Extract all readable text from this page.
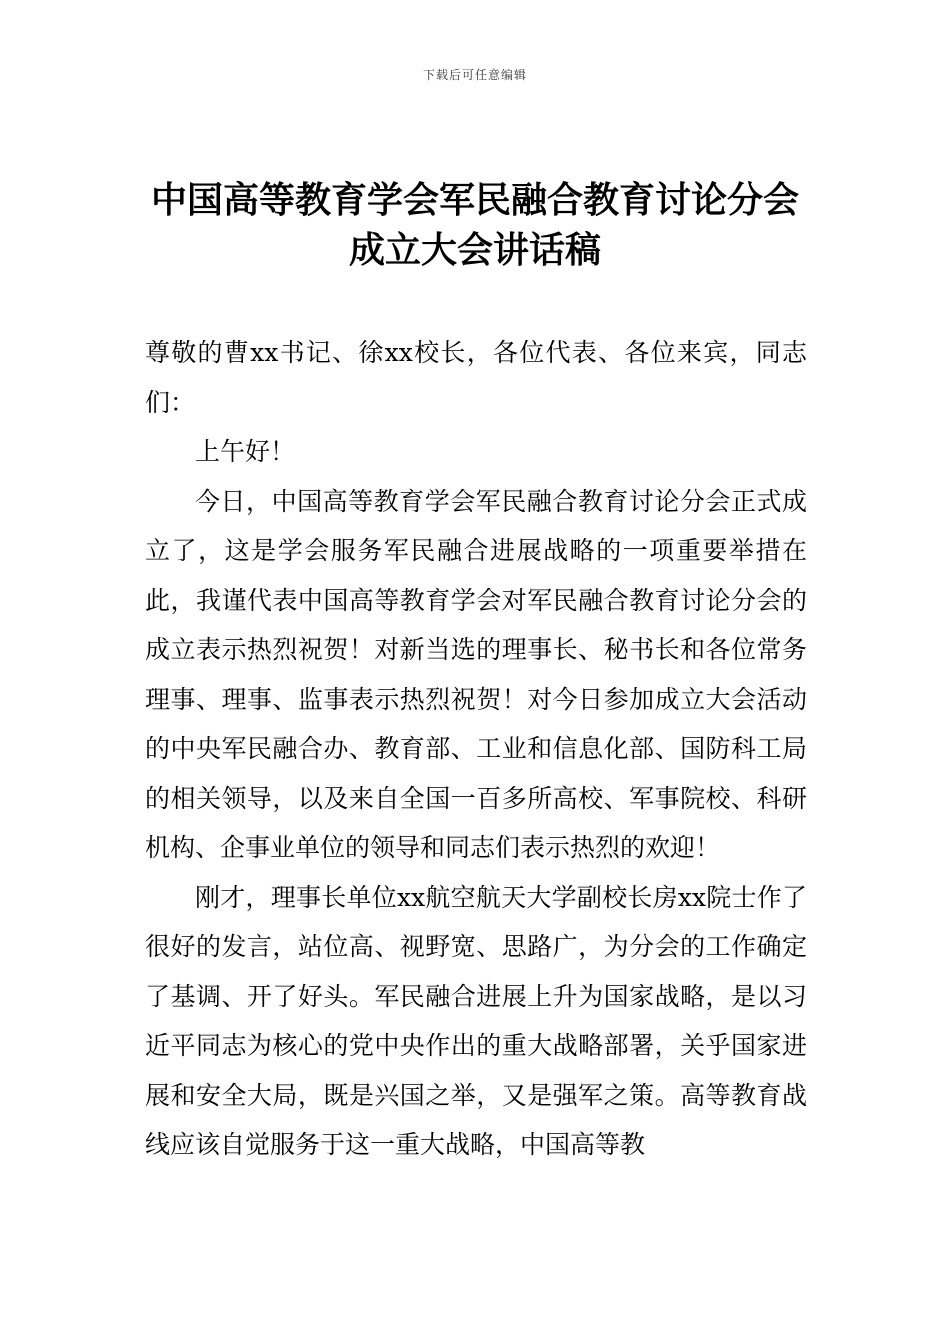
下载后可任意编辑
中国高等教育学会军民融合教育讨论分会
成立大会讲话稿

尊敬的曹xx书记、徐xx校长，各位代表、各位来宾，同志们：

上午好！

今日，中国高等教育学会军民融合教育讨论分会正式成立了，这是学会服务军民融合进展战略的一项重要举措在此，我谨代表中国高等教育学会对军民融合教育讨论分会的成立表示热烈祝贺！对新当选的理事长、秘书长和各位常务理事、理事、监事表示热烈祝贺！对今日参加成立大会活动的中央军民融合办、教育部、工业和信息化部、国防科工局的相关领导，以及来自全国一百多所高校、军事院校、科研机构、企事业单位的领导和同志们表示热烈的欢迎！

刚才，理事长单位xx航空航天大学副校长房xx院士作了很好的发言，站位高、视野宽、思路广，为分会的工作确定了基调、开了好头。军民融合进展上升为国家战略，是以习近平同志为核心的党中央作出的重大战略部署，关乎国家进展和安全大局，既是兴国之举，又是强军之策。高等教育战线应该自觉服务于这一重大战略，中国高等教
